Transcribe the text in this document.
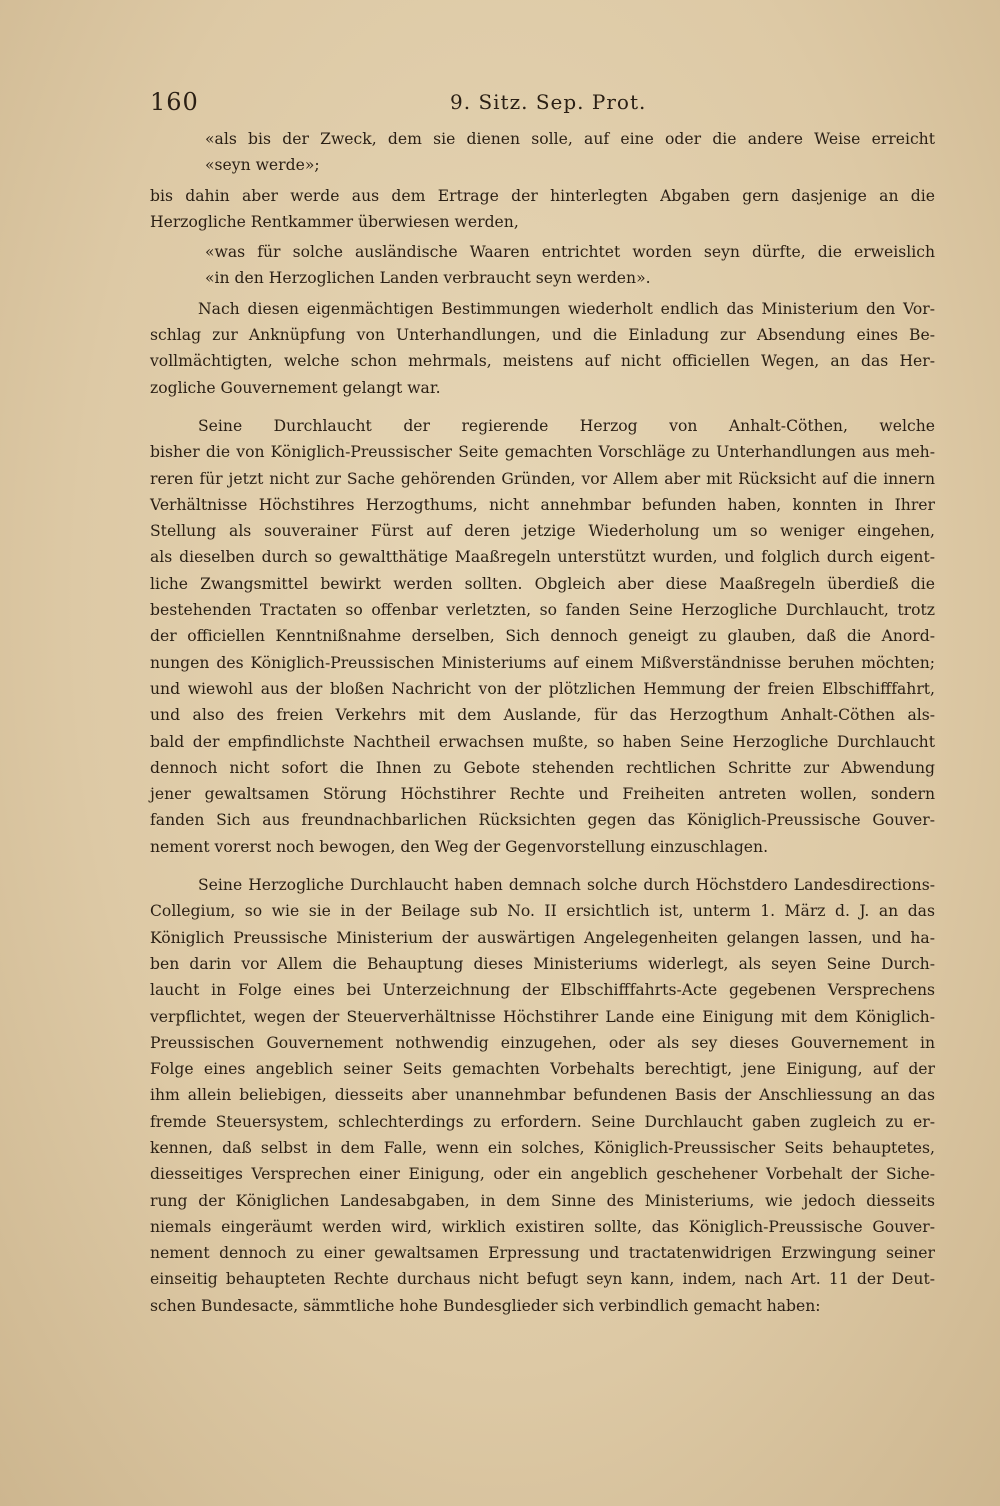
160	9. Sitz. Sep. Prot.
«als bis der Zweck, dem sie dienen solle, auf eine oder die andere Weise erreicht
«seyn werde»;
bis dahin aber werde aus dem Ertrage der hinterlegten Abgaben gern dasjenige an die
Herzogliche Rentkammer überwiesen werden,
«was für solche ausländische Waaren entrichtet worden seyn dürfte, die erweislich
«in den Herzoglichen Landen verbraucht seyn werden».
Nach diesen eigenmächtigen Bestimmungen wiederholt endlich das Ministerium den Vor-
schlag zur Anknüpfung von Unterhandlungen, und die Einladung zur Absendung eines Be-
vollmächtigten, welche schon mehrmals, meistens auf nicht officiellen Wegen, an das Her-
zogliche Gouvernement gelangt war.
Seine Durchlaucht der regierende Herzog von Anhalt-Cöthen, welche
bisher die von Königlich-Preussischer Seite gemachten Vorschläge zu Unterhandlungen aus meh-
reren für jetzt nicht zur Sache gehörenden Gründen, vor Allem aber mit Rücksicht auf die innern
Verhältnisse Höchstihres Herzogthums, nicht annehmbar befunden haben, konnten in Ihrer
Stellung als souverainer Fürst auf deren jetzige Wiederholung um so weniger eingehen,
als dieselben durch so gewaltthätige Maaßregeln unterstützt wurden, und folglich durch eigent-
liche Zwangsmittel bewirkt werden sollten. Obgleich aber diese Maaßregeln überdieß die
bestehenden Tractaten so offenbar verletzten, so fanden Seine Herzogliche Durchlaucht, trotz
der officiellen Kenntnißnahme derselben, Sich dennoch geneigt zu glauben, daß die Anord-
nungen des Königlich-Preussischen Ministeriums auf einem Mißverständnisse beruhen möchten;
und wiewohl aus der bloßen Nachricht von der plötzlichen Hemmung der freien Elbschifffahrt,
und also des freien Verkehrs mit dem Auslande, für das Herzogthum Anhalt-Cöthen als-
bald der empfindlichste Nachtheil erwachsen mußte, so haben Seine Herzogliche Durchlaucht
dennoch nicht sofort die Ihnen zu Gebote stehenden rechtlichen Schritte zur Abwendung
jener gewaltsamen Störung Höchstihrer Rechte und Freiheiten antreten wollen, sondern
fanden Sich aus freundnachbarlichen Rücksichten gegen das Königlich-Preussische Gouver-
nement vorerst noch bewogen, den Weg der Gegenvorstellung einzuschlagen.
Seine Herzogliche Durchlaucht haben demnach solche durch Höchstdero Landesdirections-
Collegium, so wie sie in der Beilage sub No. II ersichtlich ist, unterm 1. März d. J. an das
Königlich Preussische Ministerium der auswärtigen Angelegenheiten gelangen lassen, und ha-
ben darin vor Allem die Behauptung dieses Ministeriums widerlegt, als seyen Seine Durch-
laucht in Folge eines bei Unterzeichnung der Elbschifffahrts-Acte gegebenen Versprechens
verpflichtet, wegen der Steuerverhältnisse Höchstihrer Lande eine Einigung mit dem Königlich-
Preussischen Gouvernement nothwendig einzugehen, oder als sey dieses Gouvernement in
Folge eines angeblich seiner Seits gemachten Vorbehalts berechtigt, jene Einigung, auf der
ihm allein beliebigen, diesseits aber unannehmbar befundenen Basis der Anschliessung an das
fremde Steuersystem, schlechterdings zu erfordern. Seine Durchlaucht gaben zugleich zu er-
kennen, daß selbst in dem Falle, wenn ein solches, Königlich-Preussischer Seits behauptetes,
diesseitiges Versprechen einer Einigung, oder ein angeblich geschehener Vorbehalt der Siche-
rung der Königlichen Landesabgaben, in dem Sinne des Ministeriums, wie jedoch diesseits
niemals eingeräumt werden wird, wirklich existiren sollte, das Königlich-Preussische Gouver-
nement dennoch zu einer gewaltsamen Erpressung und tractatenwidrigen Erzwingung seiner
einseitig behaupteten Rechte durchaus nicht befugt seyn kann, indem, nach Art. 11 der Deut-
schen Bundesacte, sämmtliche hohe Bundesglieder sich verbindlich gemacht haben:
